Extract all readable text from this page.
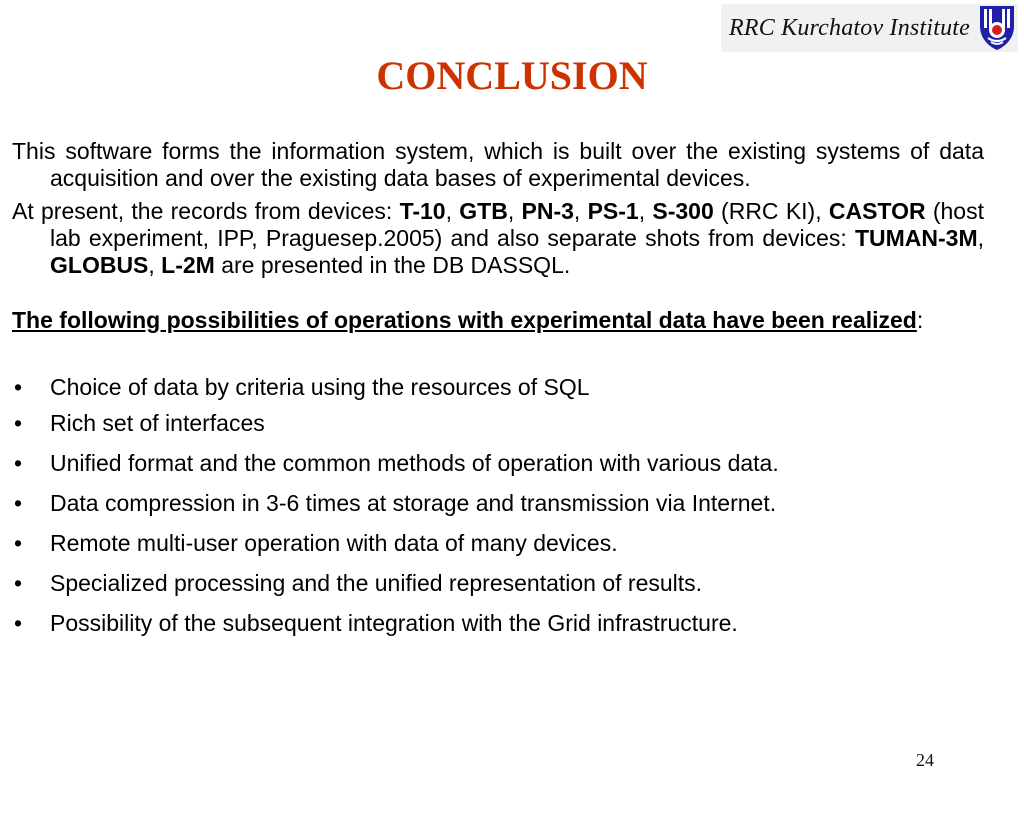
RRC Kurchatov Institute
CONCLUSION

This software forms the information system, which is built over the existing systems of data acquisition and over the existing data bases of experimental devices.

At present, the records from devices: T-10, GTB, PN-3, PS-1, S-300 (RRC KI), CASTOR (host lab experiment, IPP, Praguesep.2005) and also separate shots from devices: TUMAN-3M, GLOBUS, L-2M are presented in the DB DASSQL.

The following possibilities of operations with experimental data have been realized:

• Choice of data by criteria using the resources of SQL
• Rich set of interfaces
• Unified format and the common methods of operation with various data.
• Data compression in 3-6 times at storage and transmission via Internet.
• Remote multi-user operation with data of many devices.
• Specialized processing and the unified representation of results.
• Possibility of the subsequent integration with the Grid infrastructure.
24
